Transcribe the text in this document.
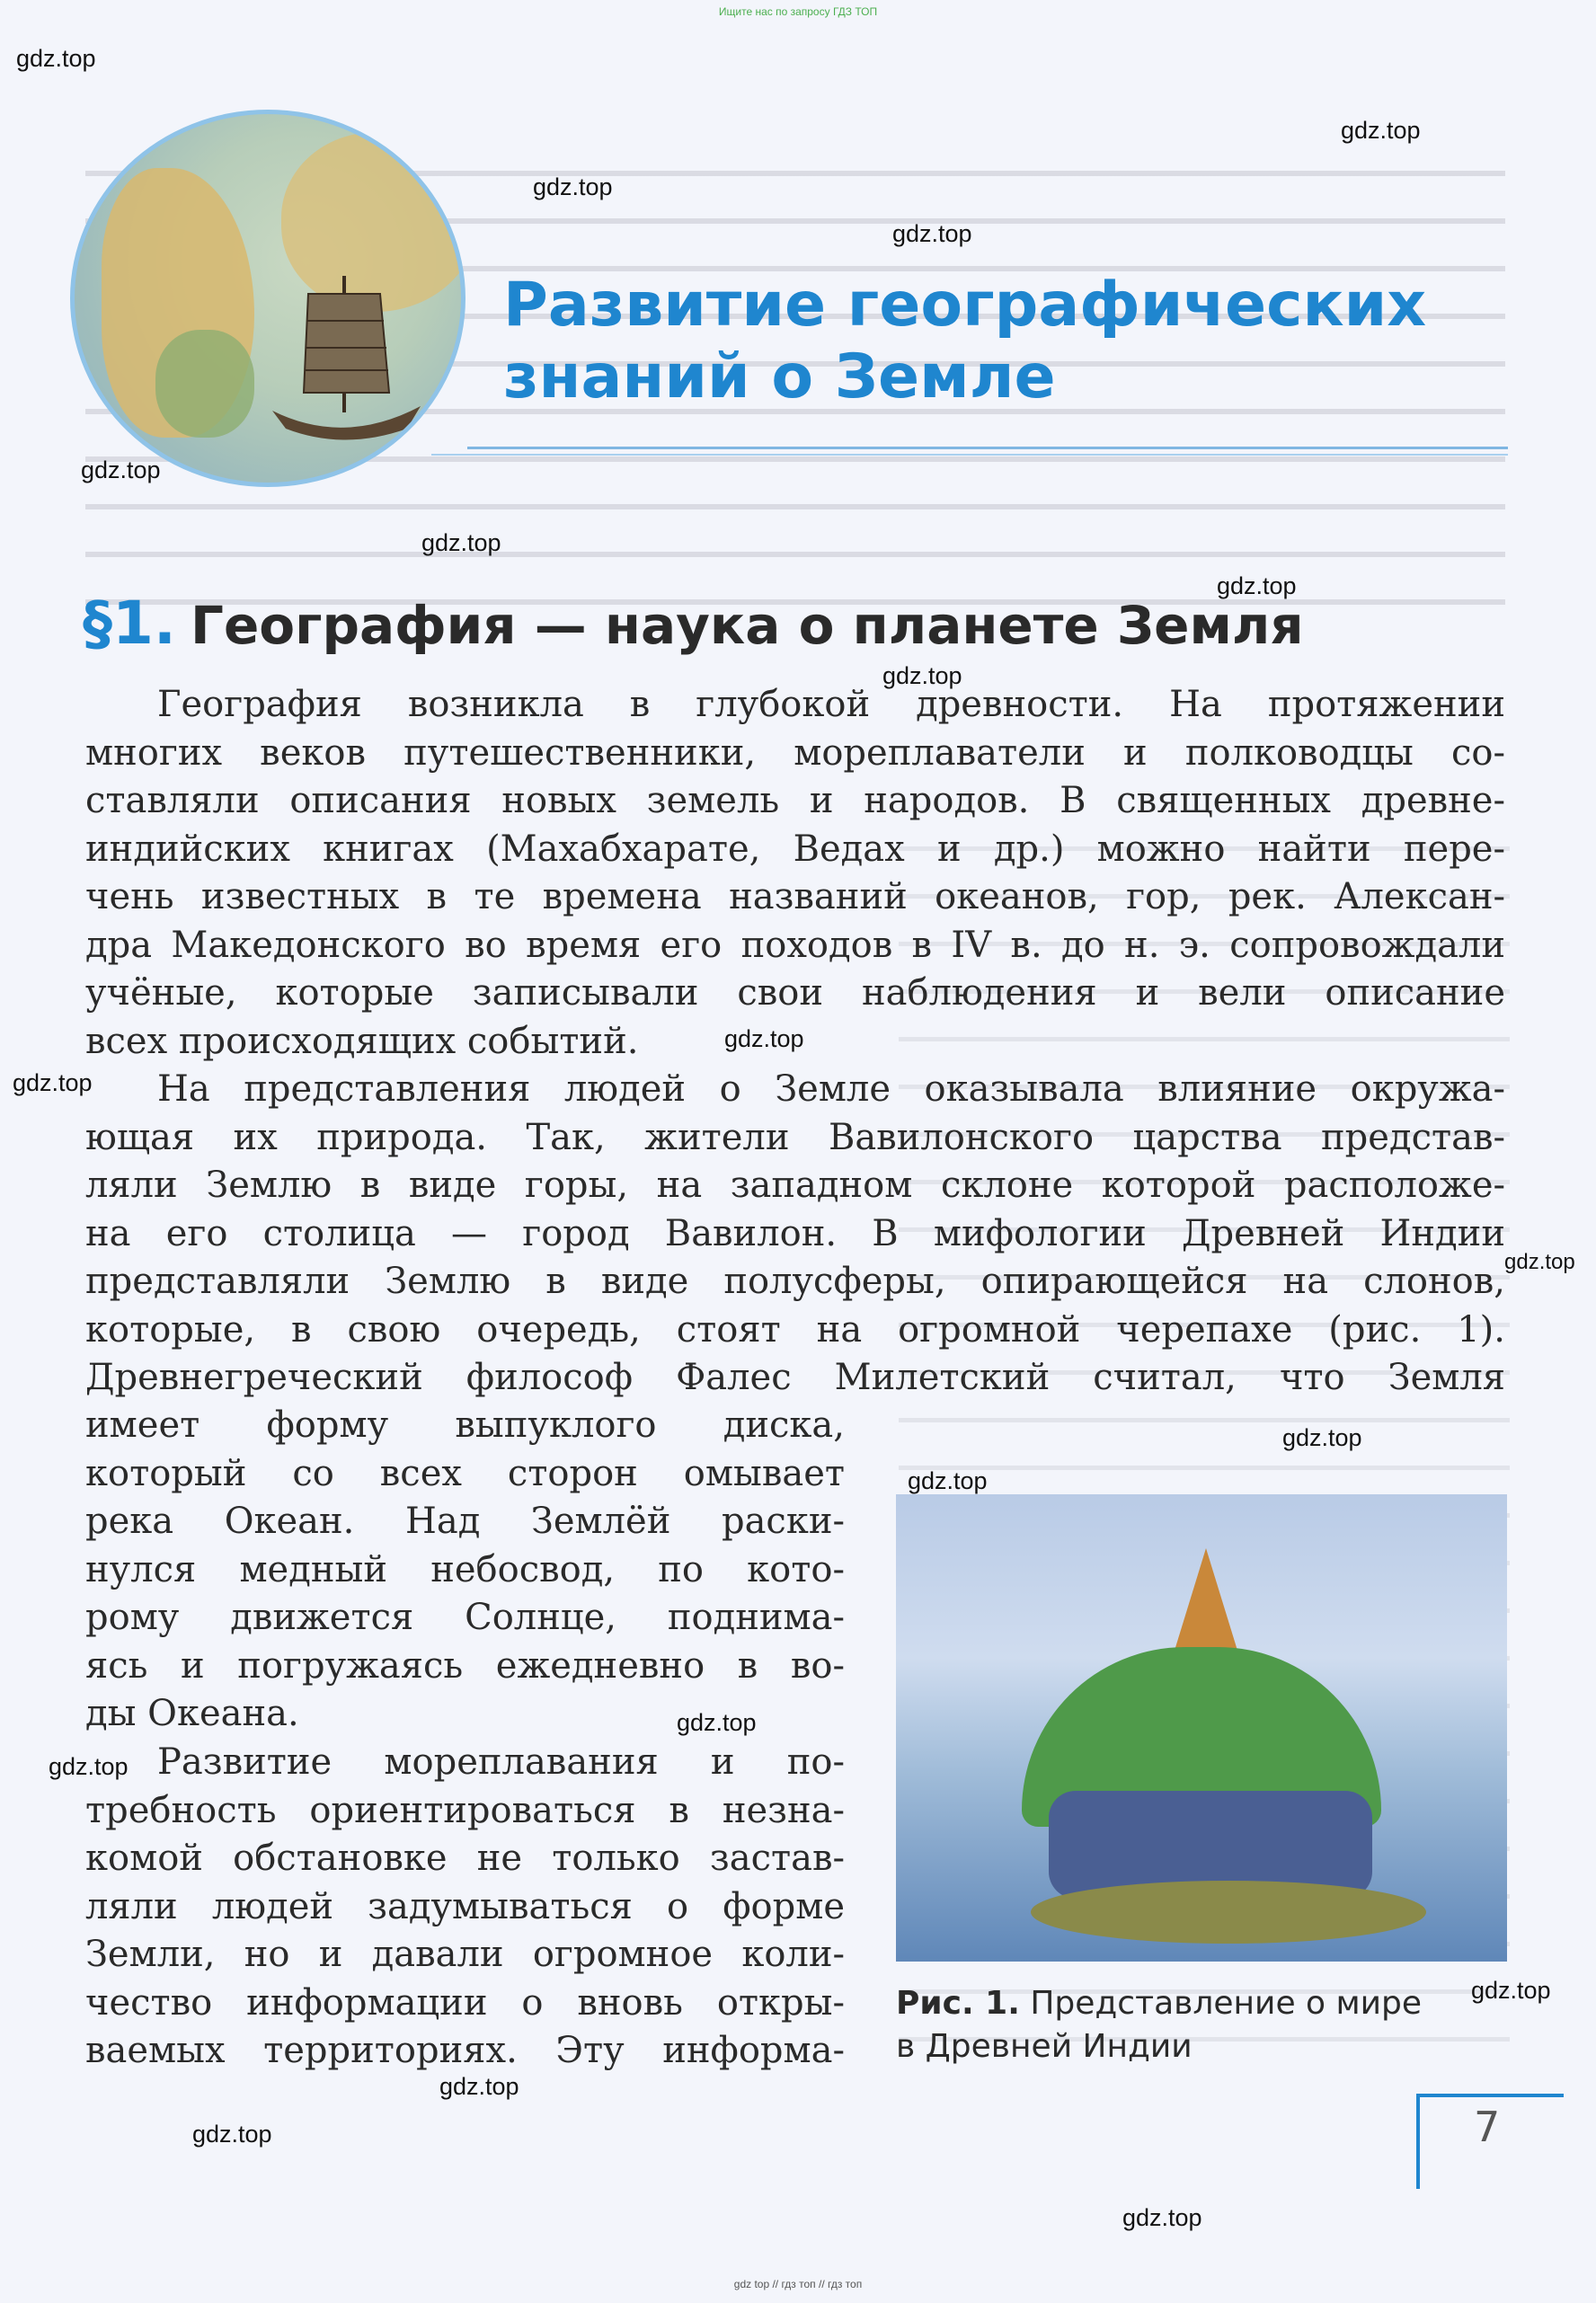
Ищите нас по запросу ГДЗ ТОП
Развитие географических
знаний о Земле
§1. География — наука о планете Земля
География возникла в глубокой древности. На протяжении
многих веков путешественники, мореплаватели и полководцы со-
ставляли описания новых земель и народов. В священных древне-
индийских книгах (Махабхарате, Ведах и др.) можно найти пере-
чень известных в те времена названий океанов, гор, рек. Алексан-
дра Македонского во время его походов в IV в. до н. э. сопровождали
учёные, которые записывали свои наблюдения и вели описание
всех происходящих событий.
На представления людей о Земле оказывала влияние окружа-
ющая их природа. Так, жители Вавилонского царства представ-
ляли Землю в виде горы, на западном склоне которой расположе-
на его столица — город Вавилон. В мифологии Древней Индии
представляли Землю в виде полусферы, опирающейся на слонов,
которые, в свою очередь, стоят на огромной черепахе (рис. 1).
Древнегреческий философ Фалес Милетский считал, что Земля
имеет форму выпуклого диска,
который со всех сторон омывает
река Океан. Над Землёй раски-
нулся медный небосвод, по кото-
рому движется Солнце, поднима-
ясь и погружаясь ежедневно в во-
ды Океана.
Развитие мореплавания и по-
требность ориентироваться в незна-
комой обстановке не только застав-
ляли людей задумываться о форме
Земли, но и давали огромное коли-
чество информации о вновь откры-
ваемых территориях. Эту информа-
Рис. 1. Представление о мире
в Древней Индии
7
gdz.top
gdz.top
gdz.top
gdz.top
gdz.top
gdz.top
gdz.top
gdz.top
gdz.top
gdz.top
gdz.top
gdz.top
gdz.top
gdz.top
gdz.top
gdz.top
gdz.top
gdz.top
gdz.top
gdz top // гдз топ // гдз топ
